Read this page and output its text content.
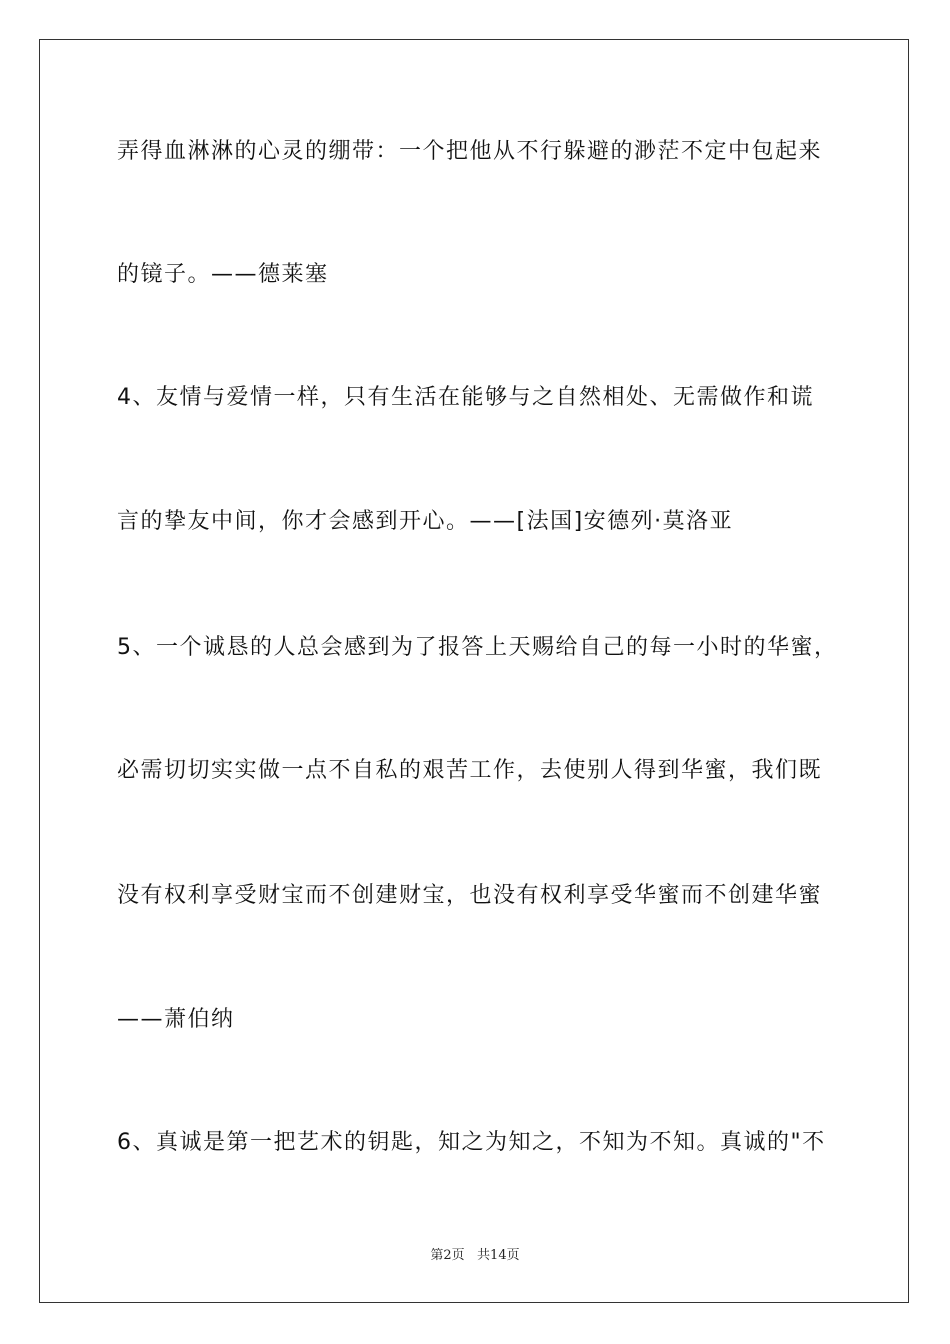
弄得血淋淋的心灵的绷带：一个把他从不行躲避的渺茫不定中包起来
的镜子。——德莱塞
4、友情与爱情一样，只有生活在能够与之自然相处、无需做作和谎
言的挚友中间，你才会感到开心。——[法国]安德列·莫洛亚
5、一个诚恳的人总会感到为了报答上天赐给自己的每一小时的华蜜，
必需切切实实做一点不自私的艰苦工作，去使别人得到华蜜，我们既
没有权利享受财宝而不创建财宝，也没有权利享受华蜜而不创建华蜜
——萧伯纳
6、真诚是第一把艺术的钥匙，知之为知之，不知为不知。真诚的"不
第2页   共14页
